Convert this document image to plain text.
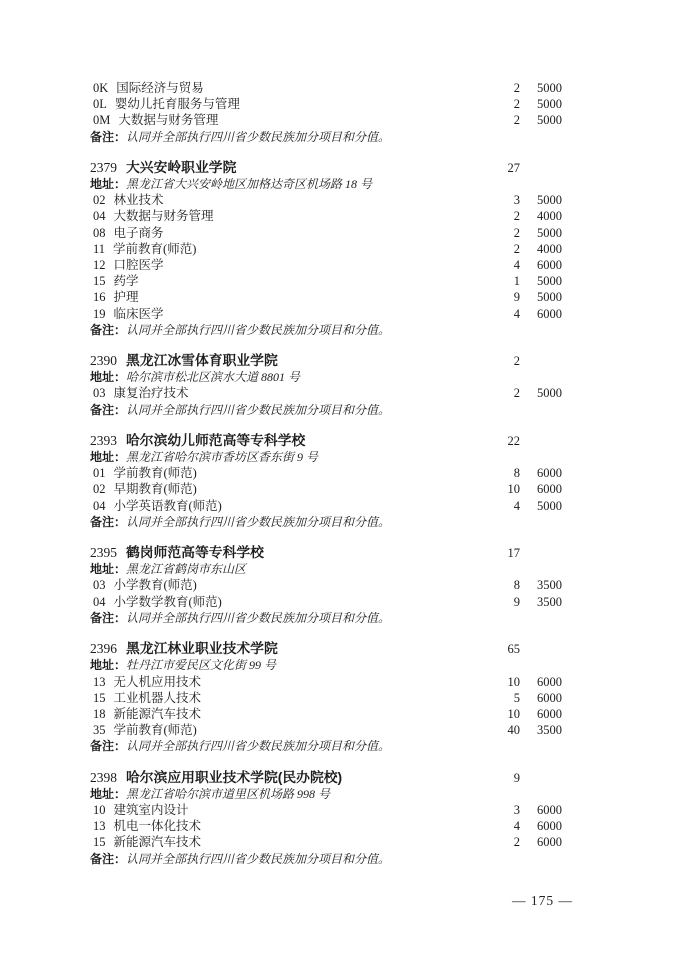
0K 国际经济与贸易	2	5000
0L 婴幼儿托育服务与管理	2	5000
0M 大数据与财务管理	2	5000
备注： 认同并全部执行四川省少数民族加分项目和分值。
2379 大兴安岭职业学院	27
地址： 黑龙江省大兴安岭地区加格达奇区机场路 18 号
02 林业技术	3	5000
04 大数据与财务管理	2	4000
08 电子商务	2	5000
11 学前教育(师范)	2	4000
12 口腔医学	4	6000
15 药学	1	5000
16 护理	9	5000
19 临床医学	4	6000
备注： 认同并全部执行四川省少数民族加分项目和分值。
2390 黑龙江冰雪体育职业学院	2
地址： 哈尔滨市松北区滨水大道 8801 号
03 康复治疗技术	2	5000
备注： 认同并全部执行四川省少数民族加分项目和分值。
2393 哈尔滨幼儿师范高等专科学校	22
地址： 黑龙江省哈尔滨市香坊区香东街 9 号
01 学前教育(师范)	8	6000
02 早期教育(师范)	10	6000
04 小学英语教育(师范)	4	5000
备注： 认同并全部执行四川省少数民族加分项目和分值。
2395 鹤岗师范高等专科学校	17
地址： 黑龙江省鹤岗市东山区
03 小学教育(师范)	8	3500
04 小学数学教育(师范)	9	3500
备注： 认同并全部执行四川省少数民族加分项目和分值。
2396 黑龙江林业职业技术学院	65
地址： 牡丹江市爱民区文化街 99 号
13 无人机应用技术	10	6000
15 工业机器人技术	5	6000
18 新能源汽车技术	10	6000
35 学前教育(师范)	40	3500
备注： 认同并全部执行四川省少数民族加分项目和分值。
2398 哈尔滨应用职业技术学院(民办院校)	9
地址： 黑龙江省哈尔滨市道里区机场路 998 号
10 建筑室内设计	3	6000
13 机电一体化技术	4	6000
15 新能源汽车技术	2	6000
备注： 认同并全部执行四川省少数民族加分项目和分值。
— 175 —
